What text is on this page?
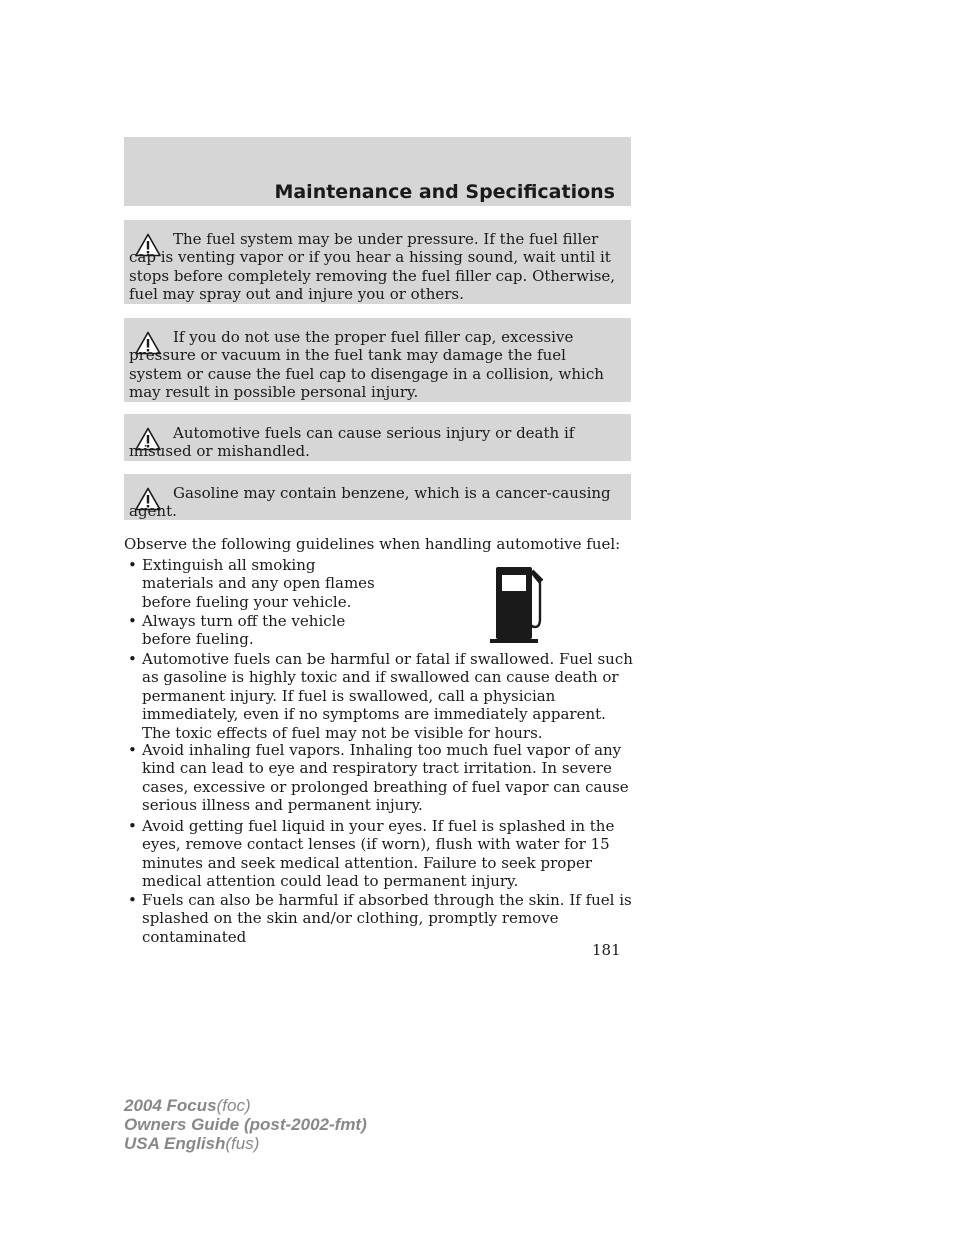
Maintenance and Specifications

The fuel system may be under pressure. If the fuel filler cap is venting vapor or if you hear a hissing sound, wait until it stops before completely removing the fuel filler cap. Otherwise, fuel may spray out and injure you or others.

If you do not use the proper fuel filler cap, excessive pressure or vacuum in the fuel tank may damage the fuel system or cause the fuel cap to disengage in a collision, which may result in possible personal injury.

Automotive fuels can cause serious injury or death if misused or mishandled.

Gasoline may contain benzene, which is a cancer-causing agent.

Observe the following guidelines when handling automotive fuel:

• Extinguish all smoking materials and any open flames before fueling your vehicle.

• Always turn off the vehicle before fueling.

• Automotive fuels can be harmful or fatal if swallowed. Fuel such as gasoline is highly toxic and if swallowed can cause death or permanent injury. If fuel is swallowed, call a physician immediately, even if no symptoms are immediately apparent. The toxic effects of fuel may not be visible for hours.

• Avoid inhaling fuel vapors. Inhaling too much fuel vapor of any kind can lead to eye and respiratory tract irritation. In severe cases, excessive or prolonged breathing of fuel vapor can cause serious illness and permanent injury.

• Avoid getting fuel liquid in your eyes. If fuel is splashed in the eyes, remove contact lenses (if worn), flush with water for 15 minutes and seek medical attention. Failure to seek proper medical attention could lead to permanent injury.

• Fuels can also be harmful if absorbed through the skin. If fuel is splashed on the skin and/or clothing, promptly remove contaminated

181

2004 Focus(foc)
Owners Guide (post-2002-fmt)
USA English(fus)
